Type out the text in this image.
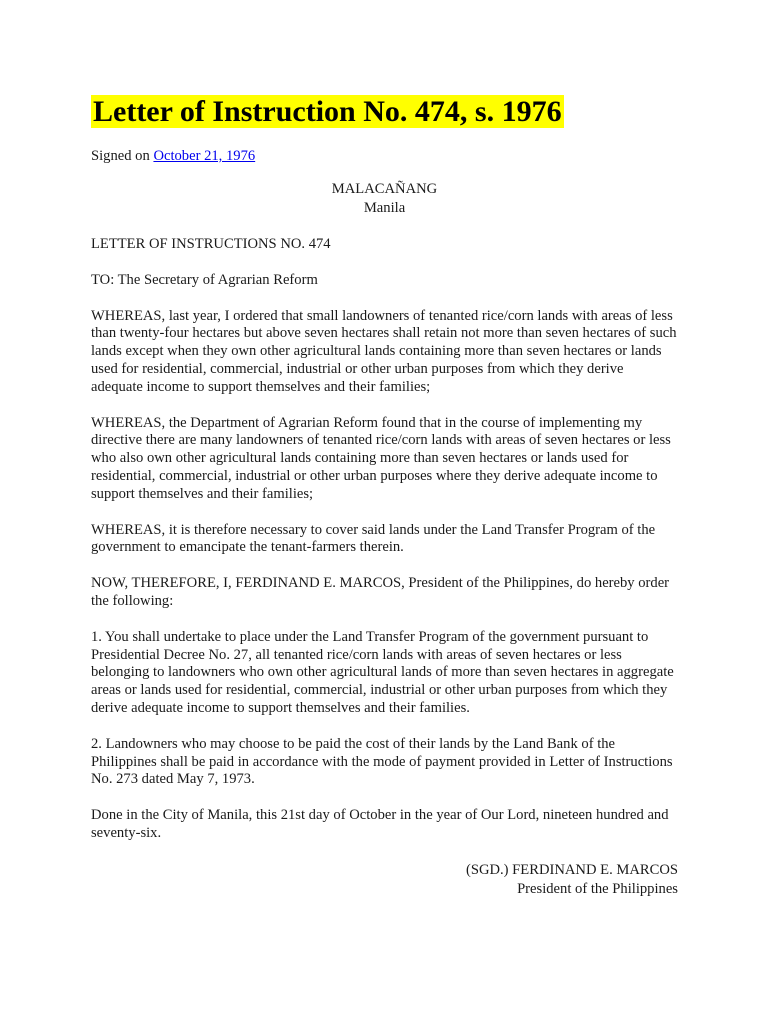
Letter of Instruction No. 474, s. 1976
Signed on October 21, 1976
MALACAÑANG
Manila

LETTER OF INSTRUCTIONS NO. 474

TO: The Secretary of Agrarian Reform

WHEREAS, last year, I ordered that small landowners of tenanted rice/corn lands with areas of less than twenty-four hectares but above seven hectares shall retain not more than seven hectares of such lands except when they own other agricultural lands containing more than seven hectares or lands used for residential, commercial, industrial or other urban purposes from which they derive adequate income to support themselves and their families;

WHEREAS, the Department of Agrarian Reform found that in the course of implementing my directive there are many landowners of tenanted rice/corn lands with areas of seven hectares or less who also own other agricultural lands containing more than seven hectares or lands used for residential, commercial, industrial or other urban purposes where they derive adequate income to support themselves and their families;

WHEREAS, it is therefore necessary to cover said lands under the Land Transfer Program of the government to emancipate the tenant-farmers therein.

NOW, THEREFORE, I, FERDINAND E. MARCOS, President of the Philippines, do hereby order the following:

1. You shall undertake to place under the Land Transfer Program of the government pursuant to Presidential Decree No. 27, all tenanted rice/corn lands with areas of seven hectares or less belonging to landowners who own other agricultural lands of more than seven hectares in aggregate areas or lands used for residential, commercial, industrial or other urban purposes from which they derive adequate income to support themselves and their families.

2. Landowners who may choose to be paid the cost of their lands by the Land Bank of the Philippines shall be paid in accordance with the mode of payment provided in Letter of Instructions No. 273 dated May 7, 1973.

Done in the City of Manila, this 21st day of October in the year of Our Lord, nineteen hundred and seventy-six.

(SGD.) FERDINAND E. MARCOS
President of the Philippines
